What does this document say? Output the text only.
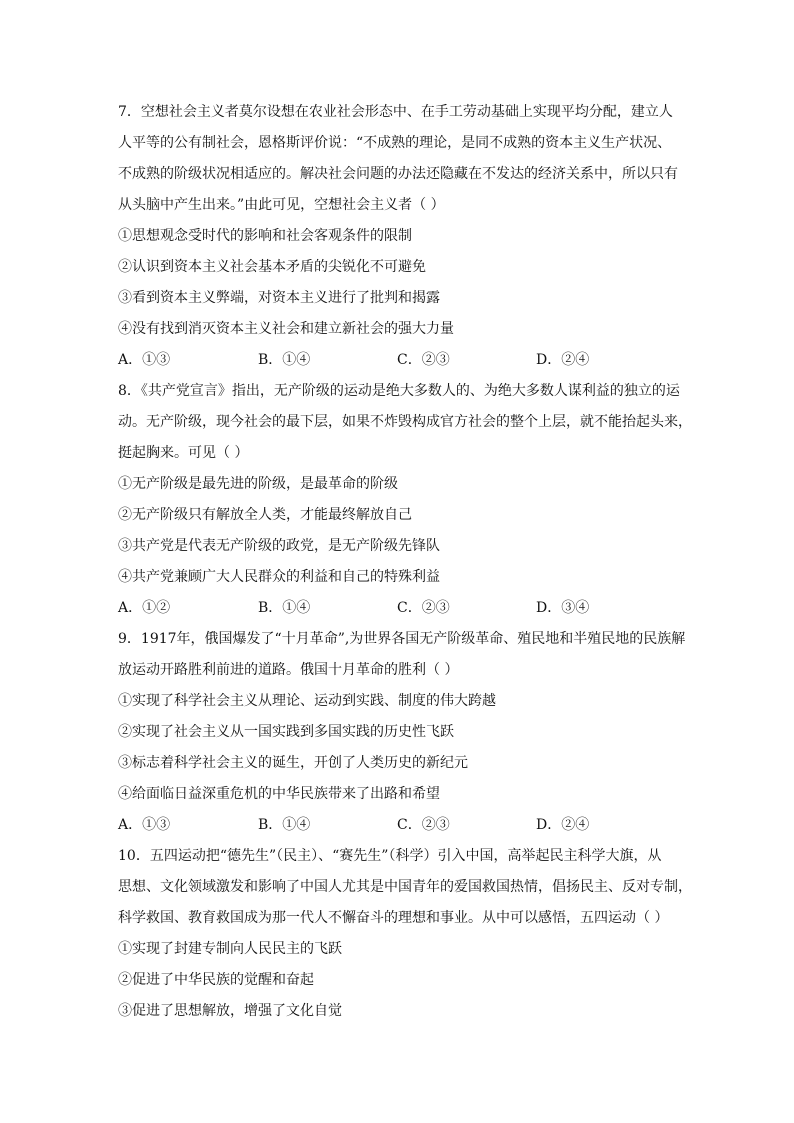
7．空想社会主义者莫尔设想在农业社会形态中、在手工劳动基础上实现平均分配，建立人
人平等的公有制社会，恩格斯评价说：“不成熟的理论，是同不成熟的资本主义生产状况、
不成熟的阶级状况相适应的。解决社会问题的办法还隐藏在不发达的经济关系中，所以只有
从头脑中产生出来。”由此可见，空想社会主义者（ ）
①思想观念受时代的影响和社会客观条件的限制
②认识到资本主义社会基本矛盾的尖锐化不可避免
③看到资本主义弊端，对资本主义进行了批判和揭露
④没有找到消灭资本主义社会和建立新社会的强大力量
A．①③	B．①④	C．②③	D．②④
8．《共产党宣言》指出，无产阶级的运动是绝大多数人的、为绝大多数人谋利益的独立的运
动。无产阶级，现今社会的最下层，如果不炸毁构成官方社会的整个上层，就不能抬起头来，
挺起胸来。可见（ ）
①无产阶级是最先进的阶级，是最革命的阶级
②无产阶级只有解放全人类，才能最终解放自己
③共产党是代表无产阶级的政党，是无产阶级先锋队
④共产党兼顾广大人民群众的利益和自己的特殊利益
A．①②	B．①④	C．②③	D．③④
9．1917年，俄国爆发了“十月革命”,为世界各国无产阶级革命、殖民地和半殖民地的民族解
放运动开路胜利前进的道路。俄国十月革命的胜利（ ）
①实现了科学社会主义从理论、运动到实践、制度的伟大跨越
②实现了社会主义从一国实践到多国实践的历史性飞跃
③标志着科学社会主义的诞生，开创了人类历史的新纪元
④给面临日益深重危机的中华民族带来了出路和希望
A．①③	B．①④	C．②③	D．②④
10．五四运动把“德先生”（民主）、“赛先生”（科学）引入中国，高举起民主科学大旗，从
思想、文化领域激发和影响了中国人尤其是中国青年的爱国救国热情，倡扬民主、反对专制，
科学救国、教育救国成为那一代人不懈奋斗的理想和事业。从中可以感悟，五四运动（ ）
①实现了封建专制向人民民主的飞跃
②促进了中华民族的觉醒和奋起
③促进了思想解放，增强了文化自觉
